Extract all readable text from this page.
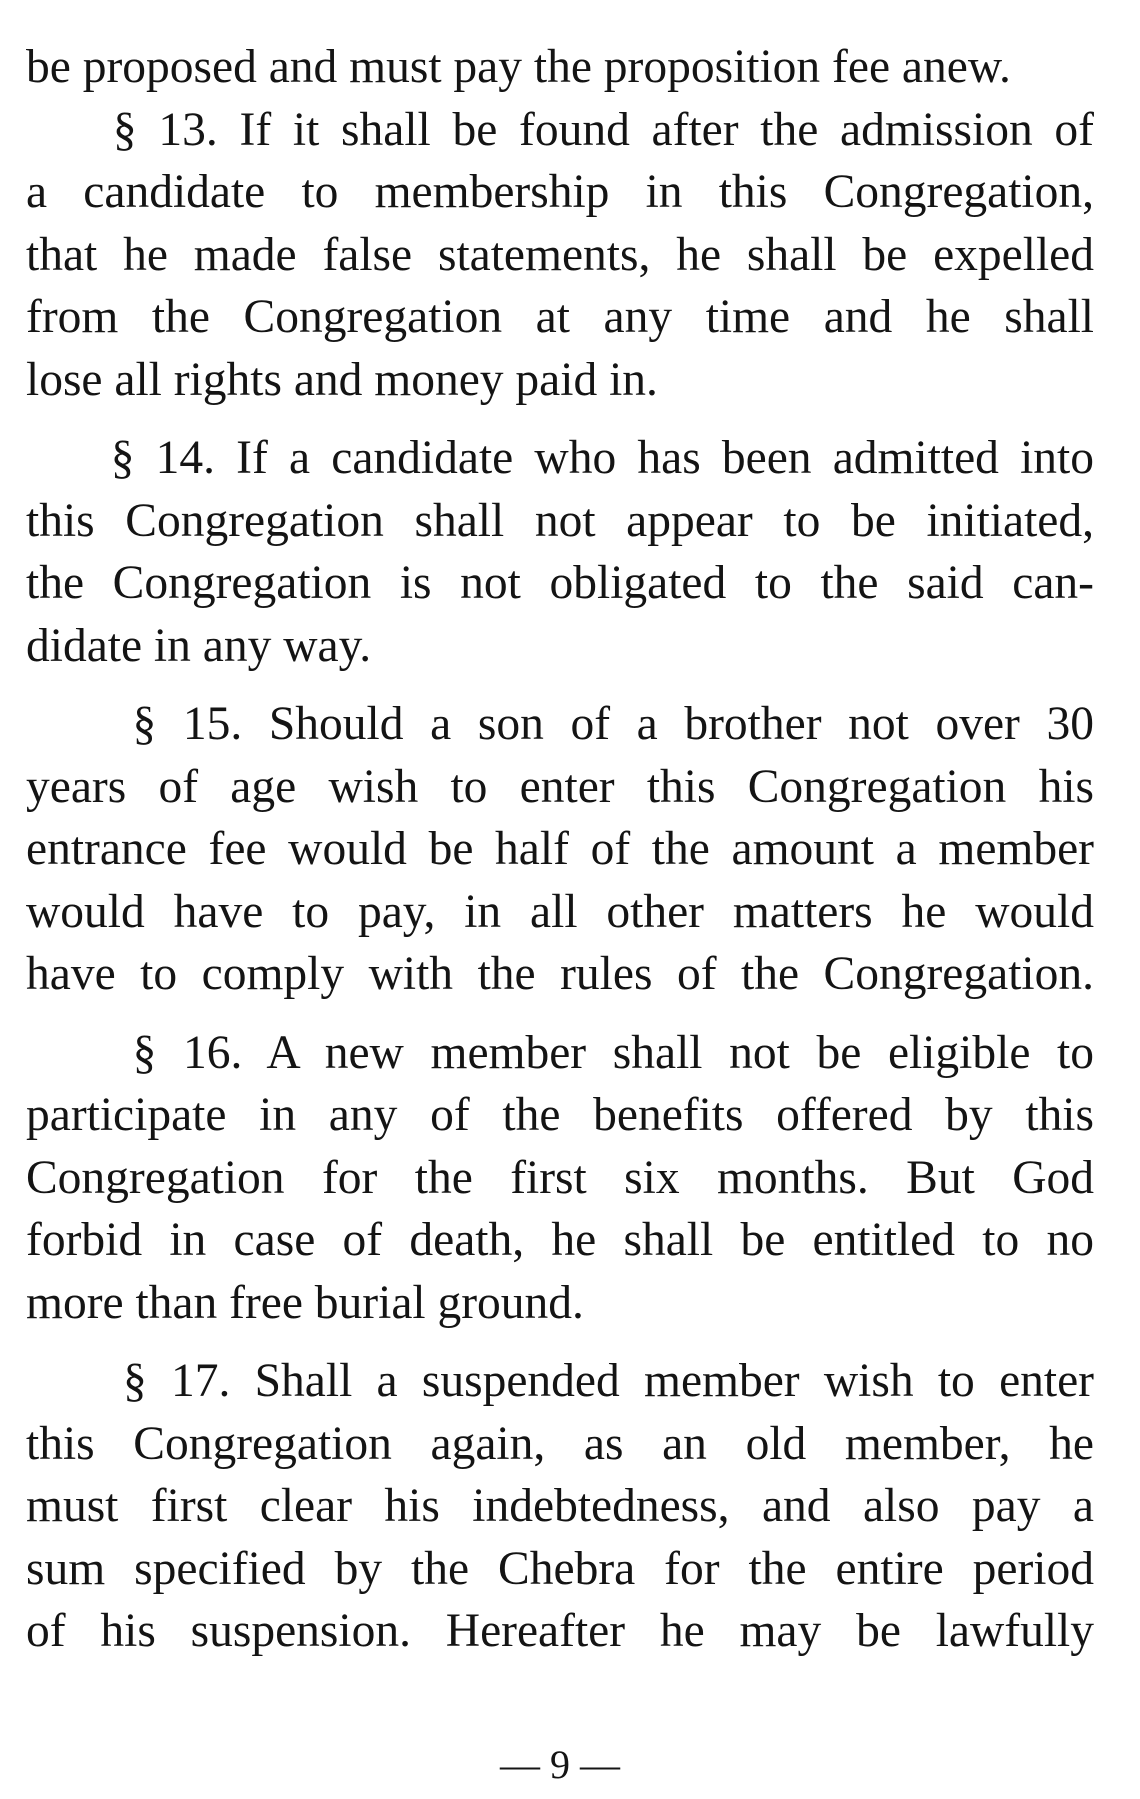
be proposed and must pay the proposition fee anew.
§ 13. If it shall be found after the admission of
a candidate to membership in this Congregation,
that he made false statements, he shall be expelled
from the Congregation at any time and he shall
lose all rights and money paid in.
§ 14. If a candidate who has been admitted into
this Congregation shall not appear to be initiated,
the Congregation is not obligated to the said can-
didate in any way.
§ 15. Should a son of a brother not over 30
years of age wish to enter this Congregation his
entrance fee would be half of the amount a member
would have to pay, in all other matters he would
have to comply with the rules of the Congregation.
§ 16. A new member shall not be eligible to
participate in any of the benefits offered by this
Congregation for the first six months. But God
forbid in case of death, he shall be entitled to no
more than free burial ground.
§ 17. Shall a suspended member wish to enter
this Congregation again, as an old member, he
must first clear his indebtedness, and also pay a
sum specified by the Chebra for the entire period
of his suspension. Hereafter he may be lawfully
— 9 —
